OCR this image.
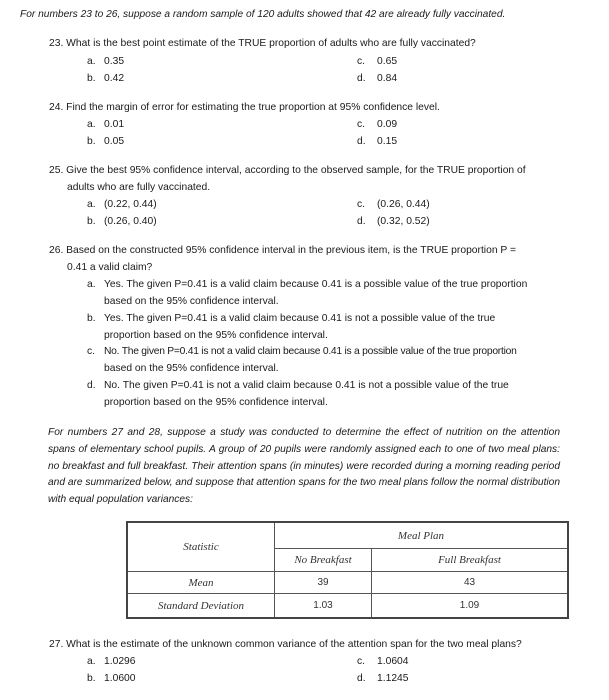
For numbers 23 to 26, suppose a random sample of 120 adults showed that 42 are already fully vaccinated.
23. What is the best point estimate of the TRUE proportion of adults who are fully vaccinated?
a. 0.35	c. 0.65
b. 0.42	d. 0.84
24. Find the margin of error for estimating the true proportion at 95% confidence level.
a. 0.01	c. 0.09
b. 0.05	d. 0.15
25. Give the best 95% confidence interval, according to the observed sample, for the TRUE proportion of
adults who are fully vaccinated.
a. (0.22, 0.44)	c. (0.26, 0.44)
b. (0.26, 0.40)	d. (0.32, 0.52)
26. Based on the constructed 95% confidence interval in the previous item, is the TRUE proportion P =
0.41 a valid claim?
a. Yes. The given P=0.41 is a valid claim because 0.41 is a possible value of the true proportion
based on the 95% confidence interval.
b. Yes. The given P=0.41 is a valid claim because 0.41 is not a possible value of the true
proportion based on the 95% confidence interval.
c. No. The given P=0.41 is not a valid claim because 0.41 is a possible value of the true proportion
based on the 95% confidence interval.
d. No. The given P=0.41 is not a valid claim because 0.41 is not a possible value of the true
proportion based on the 95% confidence interval.
For numbers 27 and 28, suppose a study was conducted to determine the effect of nutrition on the attention spans of elementary school pupils. A group of 20 pupils were randomly assigned each to one of two meal plans: no breakfast and full breakfast. Their attention spans (in minutes) were recorded during a morning reading period and are summarized below, and suppose that attention spans for the two meal plans follow the normal distribution with equal population variances:
Statistic	Meal Plan	
	No Breakfast	Full Breakfast
Mean	39	43
Standard Deviation	1.03	1.09
27. What is the estimate of the unknown common variance of the attention span for the two meal plans?
a. 1.0296	c. 1.0604
b. 1.0600	d. 1.1245
